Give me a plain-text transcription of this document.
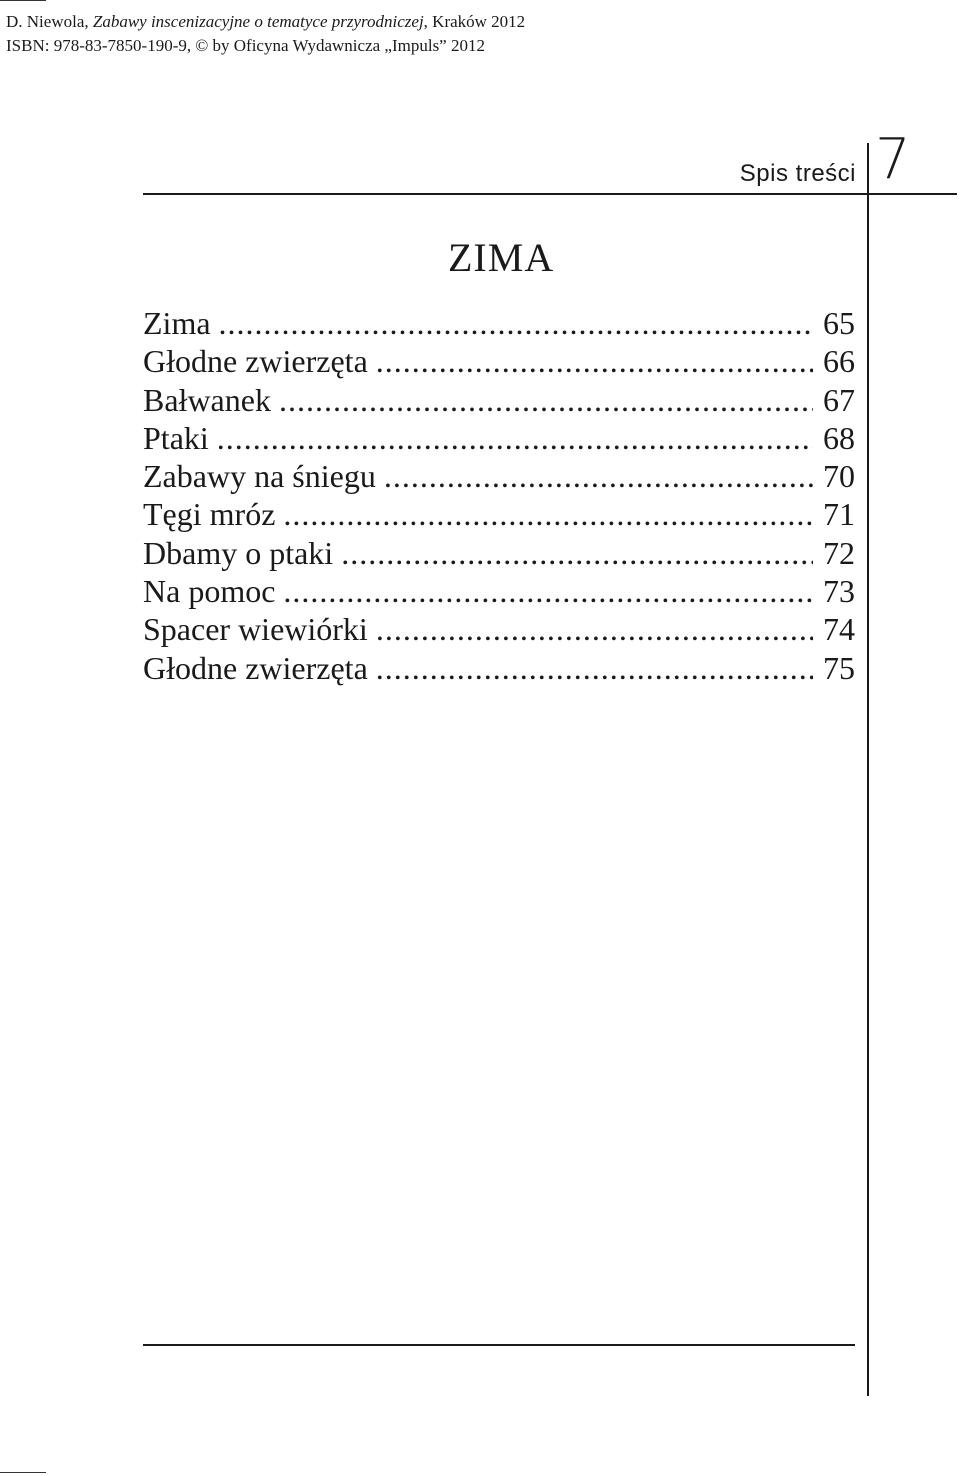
D. Niewola, Zabawy inscenizacyjne o tematyce przyrodniczej, Kraków 2012
ISBN: 978-83-7850-190-9, © by Oficyna Wydawnicza „Impuls” 2012
Spis treści 7
ZIMA
Zima .....	65
Głodne zwierzęta .....	66
Bałwanek .....	67
Ptaki .....	68
Zabawy na śniegu .....	70
Tęgi mróz .....	71
Dbamy o ptaki .....	72
Na pomoc .....	73
Spacer wiewiórki .....	74
Głodne zwierzęta .....	75
